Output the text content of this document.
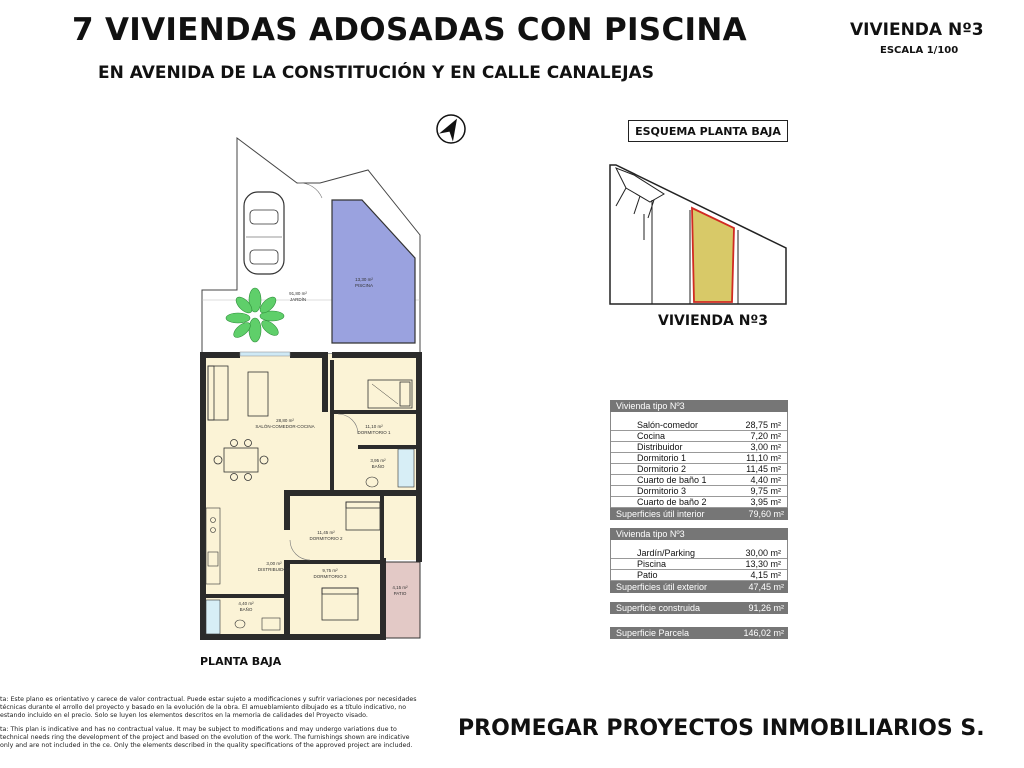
7 VIVIENDAS ADOSADAS CON PISCINA
EN AVENIDA DE LA CONSTITUCIÓN Y EN CALLE CANALEJAS
VIVIENDA Nº3
ESCALA 1/100
13,30 m²
PISCINA
91,80 m²
JARDÍN
4,15 m²
PATIO
28,80 m²
SALÓN-COMEDOR-COCINA	11,10 m²
DORMITORIO 1
3,95 m²
BAÑO
11,45 m²
DORMITORIO 2
3,00 m²
DISTRIBUIDOR	9,75 m²
DORMITORIO 3
4,40 m²
BAÑO
PLANTA BAJA
ESQUEMA PLANTA BAJA
VIVIENDA Nº3
Vivienda tipo Nº3
Salón-comedor	28,75 m²
Cocina	7,20 m²
Distribuidor	3,00 m²
Dormitorio 1	11,10 m²
Dormitorio 2	11,45 m²
Cuarto de baño 1	4,40 m²
Dormitorio 3	9,75 m²
Cuarto de baño 2	3,95 m²
Superficies útil interior	79,60 m²
Vivienda tipo Nº3
Jardín/Parking	30,00 m²
Piscina	13,30 m²
Patio	4,15 m²
Superficies útil exterior	47,45 m²
Superficie construida	91,26 m²
Superficie Parcela	146,02 m²
ta: Este plano es orientativo y carece de valor contractual. Puede estar sujeto a modificaciones y sufrir variaciones por necesidades técnicas durante el arrollo del proyecto y basado en la evolución de la obra. El amueblamiento dibujado es a título indicativo, no estando incluido en el precio. Solo se luyen los elementos descritos en la memoria de calidades del Proyecto visado.
ta: This plan is indicative and has no contractual value. It may be subject to modifications and may undergo variations due to technical needs ring the development of the project and based on the evolution of the work. The furnishings shown are indicative only and are not included in the ce. Only the elements described in the quality specifications of the approved project are included.
PROMEGAR PROYECTOS INMOBILIARIOS S.
